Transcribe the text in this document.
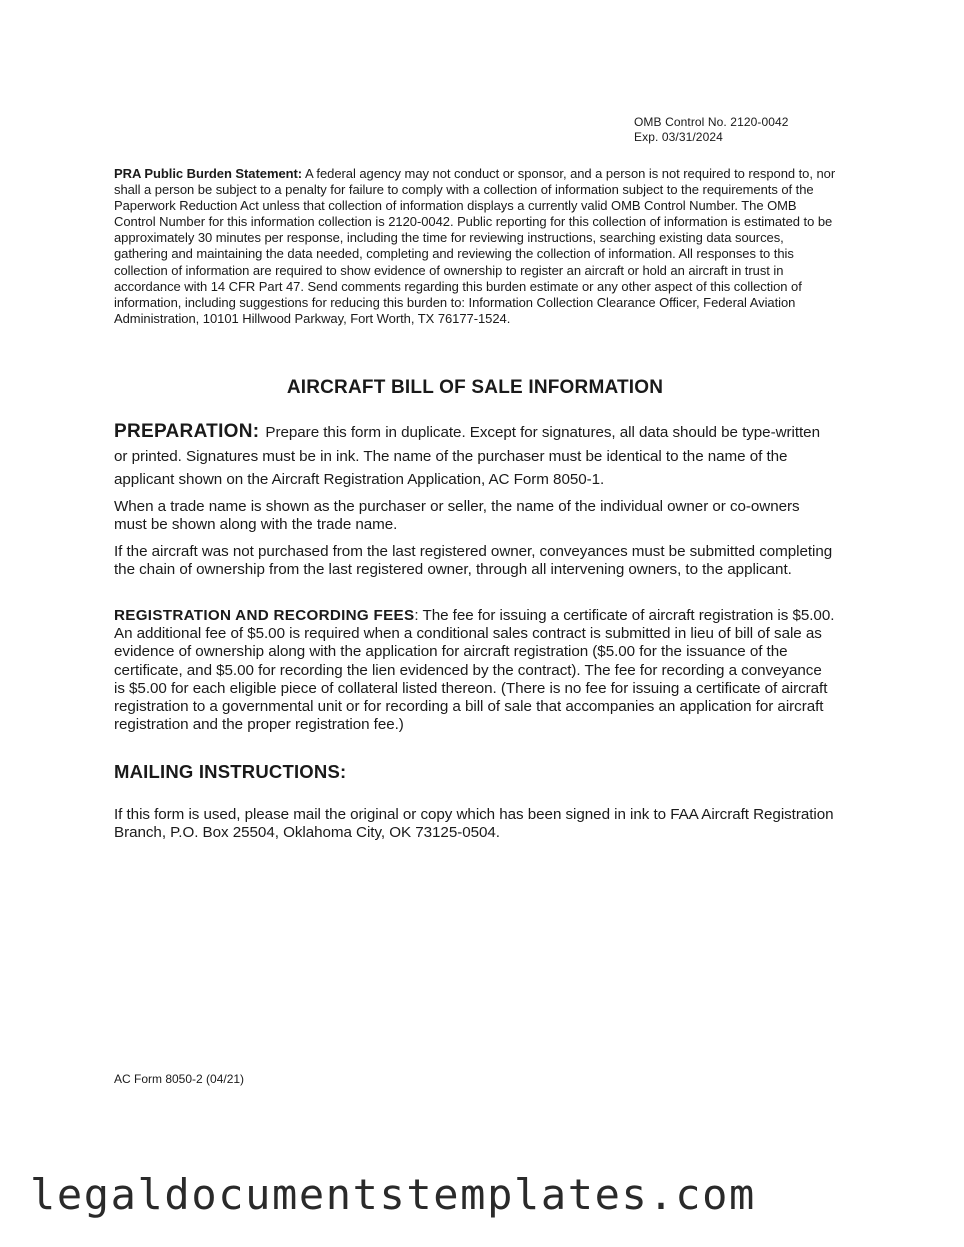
OMB Control No. 2120-0042
Exp. 03/31/2024
PRA Public Burden Statement: A federal agency may not conduct or sponsor, and a person is not required to respond to, nor shall a person be subject to a penalty for failure to comply with a collection of information subject to the requirements of the Paperwork Reduction Act unless that collection of information displays a currently valid OMB Control Number. The OMB Control Number for this information collection is 2120-0042. Public reporting for this collection of information is estimated to be approximately 30 minutes per response, including the time for reviewing instructions, searching existing data sources, gathering and maintaining the data needed, completing and reviewing the collection of information. All responses to this collection of information are required to show evidence of ownership to register an aircraft or hold an aircraft in trust in accordance with 14 CFR Part 47. Send comments regarding this burden estimate or any other aspect of this collection of information, including suggestions for reducing this burden to: Information Collection Clearance Officer, Federal Aviation Administration, 10101 Hillwood Parkway, Fort Worth, TX 76177-1524.
AIRCRAFT BILL OF SALE INFORMATION
PREPARATION: Prepare this form in duplicate. Except for signatures, all data should be type-written or printed. Signatures must be in ink. The name of the purchaser must be identical to the name of the applicant shown on the Aircraft Registration Application, AC Form 8050-1.
When a trade name is shown as the purchaser or seller, the name of the individual owner or co-owners must be shown along with the trade name.
If the aircraft was not purchased from the last registered owner, conveyances must be submitted completing the chain of ownership from the last registered owner, through all intervening owners, to the applicant.
REGISTRATION AND RECORDING FEES: The fee for issuing a certificate of aircraft registration is $5.00. An additional fee of $5.00 is required when a conditional sales contract is submitted in lieu of bill of sale as evidence of ownership along with the application for aircraft registration ($5.00 for the issuance of the certificate, and $5.00 for recording the lien evidenced by the contract). The fee for recording a conveyance is $5.00 for each eligible piece of collateral listed thereon. (There is no fee for issuing a certificate of aircraft registration to a governmental unit or for recording a bill of sale that accompanies an application for aircraft registration and the proper registration fee.)
MAILING INSTRUCTIONS:
If this form is used, please mail the original or copy which has been signed in ink to FAA Aircraft Registration Branch, P.O. Box 25504, Oklahoma City, OK 73125-0504.
AC Form 8050-2 (04/21)
legaldocumentstemplates.com
